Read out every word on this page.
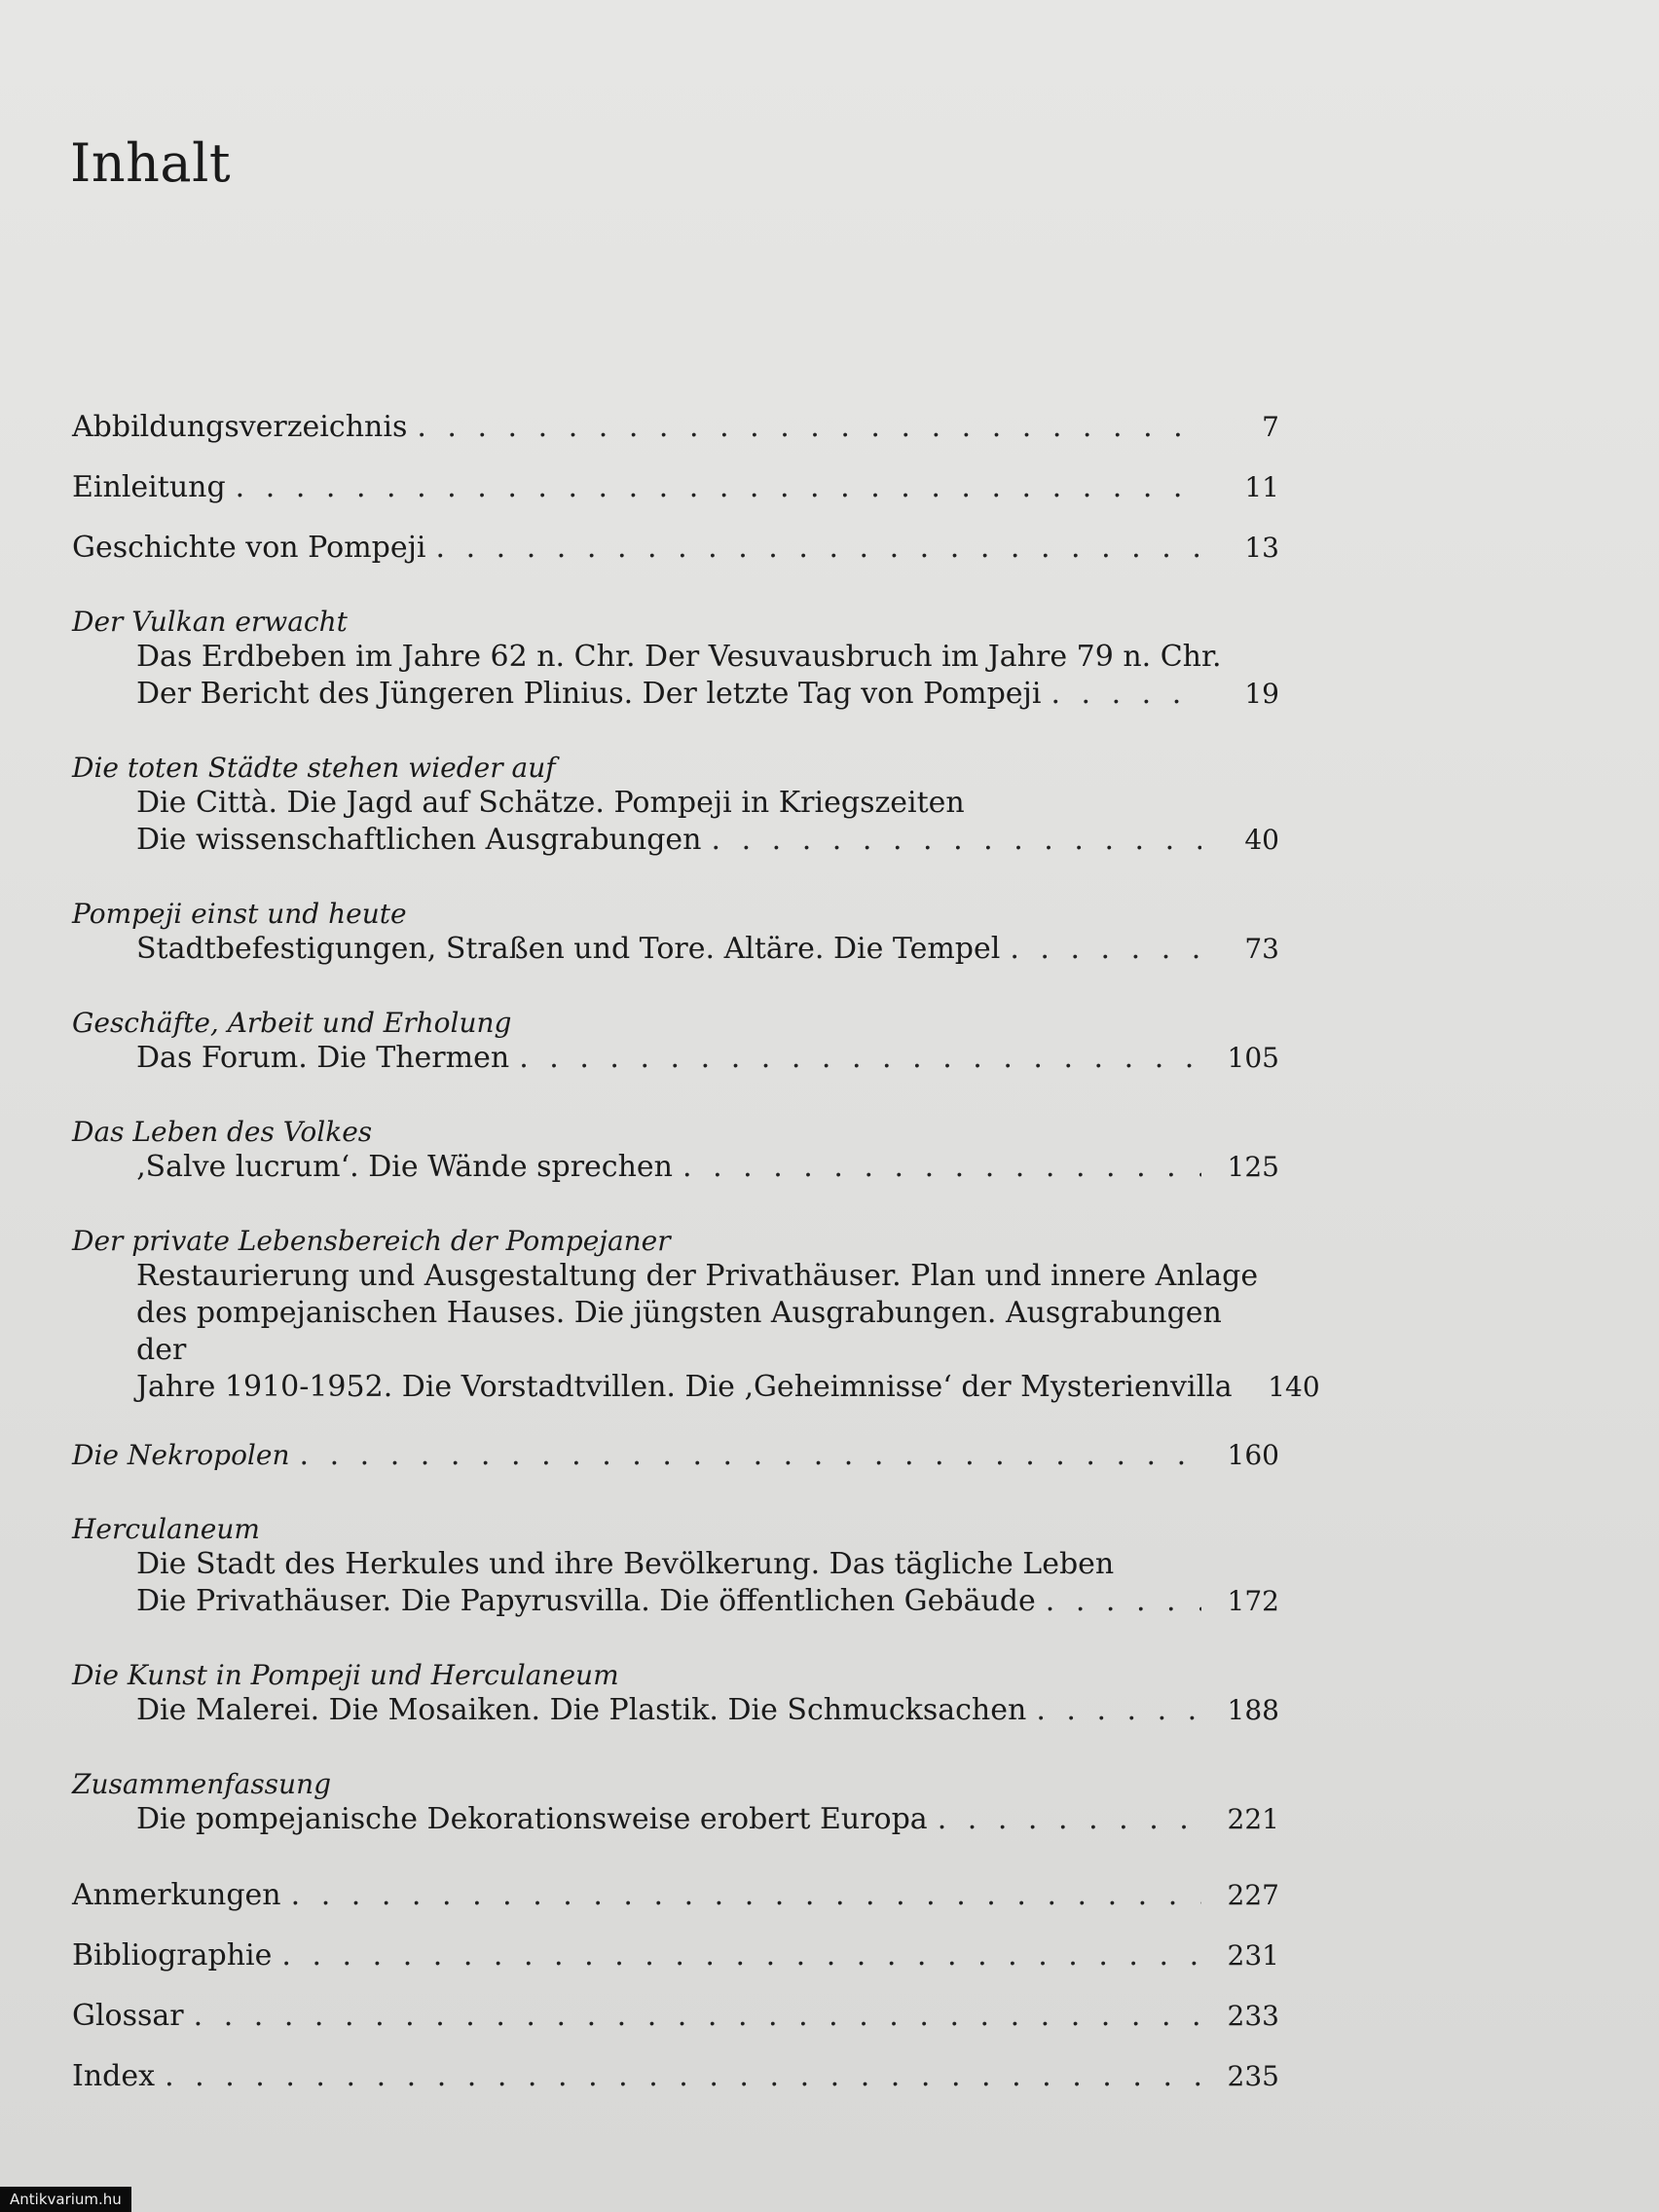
Inhalt
Abbildungsverzeichnis . . .	7
Einleitung . . .	11
Geschichte von Pompeji . . .	13
Der Vulkan erwacht
Das Erdbeben im Jahre 62 n. Chr. Der Vesuvausbruch im Jahre 79 n. Chr.
Der Bericht des Jüngeren Plinius. Der letzte Tag von Pompeji . . .	19
Die toten Städte stehen wieder auf
Die Città. Die Jagd auf Schätze. Pompeji in Kriegszeiten
Die wissenschaftlichen Ausgrabungen . . .	40
Pompeji einst und heute
Stadtbefestigungen, Straßen und Tore. Altäre. Die Tempel . . .	73
Geschäfte, Arbeit und Erholung
Das Forum. Die Thermen . . .	105
Das Leben des Volkes
‚Salve lucrum‘. Die Wände sprechen . . .	125
Der private Lebensbereich der Pompejaner
Restaurierung und Ausgestaltung der Privathäuser. Plan und innere Anlage
des pompejanischen Hauses. Die jüngsten Ausgrabungen. Ausgrabungen der
Jahre 1910-1952. Die Vorstadtvillen. Die ‚Geheimnisse‘ der Mysterienvilla	140
Die Nekropolen . . .	160
Herculaneum
Die Stadt des Herkules und ihre Bevölkerung. Das tägliche Leben
Die Privathäuser. Die Papyrusvilla. Die öffentlichen Gebäude . . .	172
Die Kunst in Pompeji und Herculaneum
Die Malerei. Die Mosaiken. Die Plastik. Die Schmucksachen . . .	188
Zusammenfassung
Die pompejanische Dekorationsweise erobert Europa . . .	221
Anmerkungen . . .	227
Bibliographie . . .	231
Glossar . . .	233
Index . . .	235
Antikvarium.hu
